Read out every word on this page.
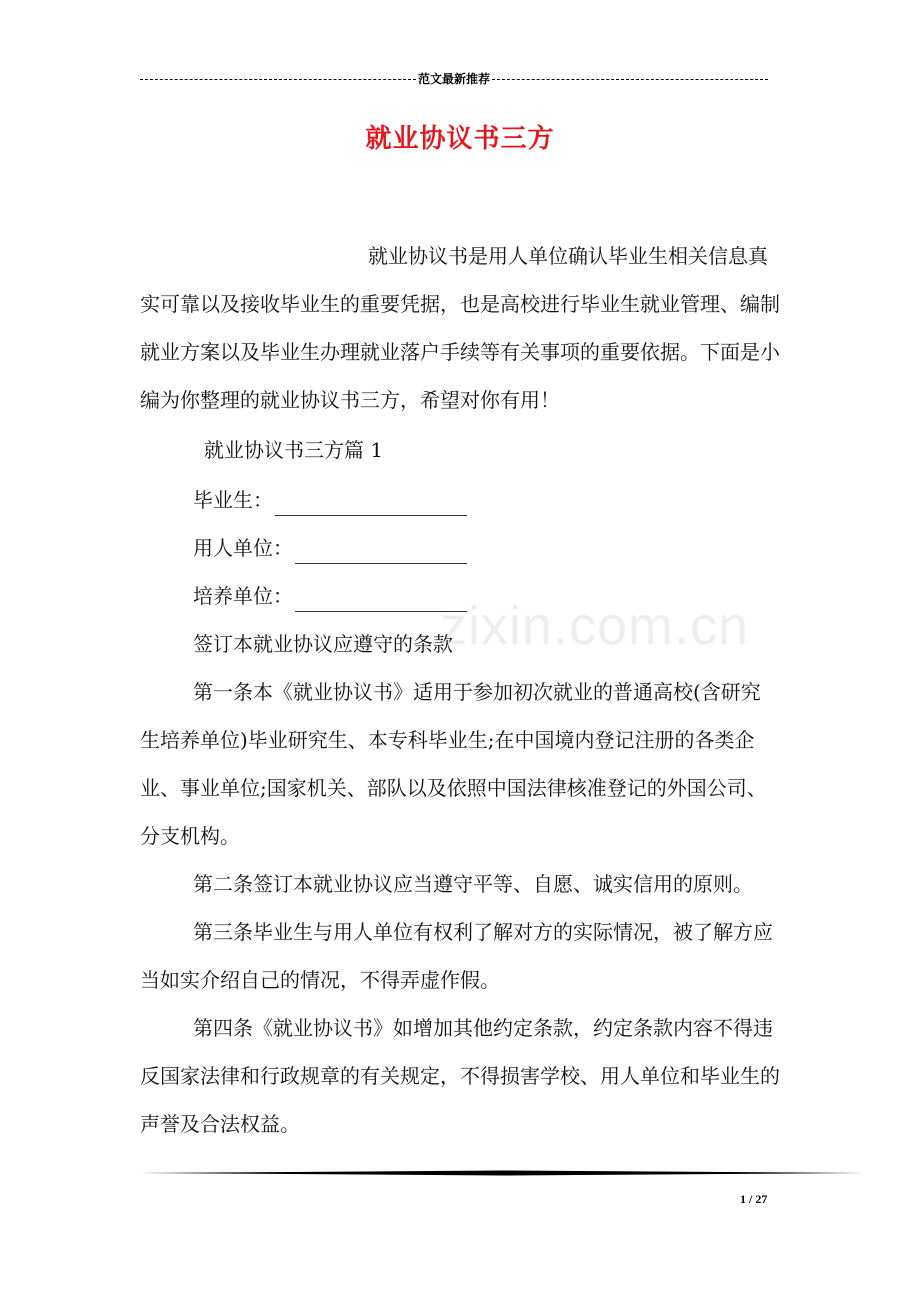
范文最新推荐
就业协议书三方

就业协议书是用人单位确认毕业生相关信息真实可靠以及接收毕业生的重要凭据，也是高校进行毕业生就业管理、编制就业方案以及毕业生办理就业落户手续等有关事项的重要依据。下面是小编为你整理的就业协议书三方，希望对你有用！

就业协议书三方篇 1
毕业生：
用人单位：
培养单位：
签订本就业协议应遵守的条款

第一条本《就业协议书》适用于参加初次就业的普通高校(含研究生培养单位)毕业研究生、本专科毕业生;在中国境内登记注册的各类企业、事业单位;国家机关、部队以及依照中国法律核准登记的外国公司、分支机构。

第二条签订本就业协议应当遵守平等、自愿、诚实信用的原则。

第三条毕业生与用人单位有权利了解对方的实际情况，被了解方应当如实介绍自己的情况，不得弄虚作假。

第四条《就业协议书》如增加其他约定条款，约定条款内容不得违反国家法律和行政规章的有关规定，不得损害学校、用人单位和毕业生的声誉及合法权益。

zixin.com.cn
1 / 27
